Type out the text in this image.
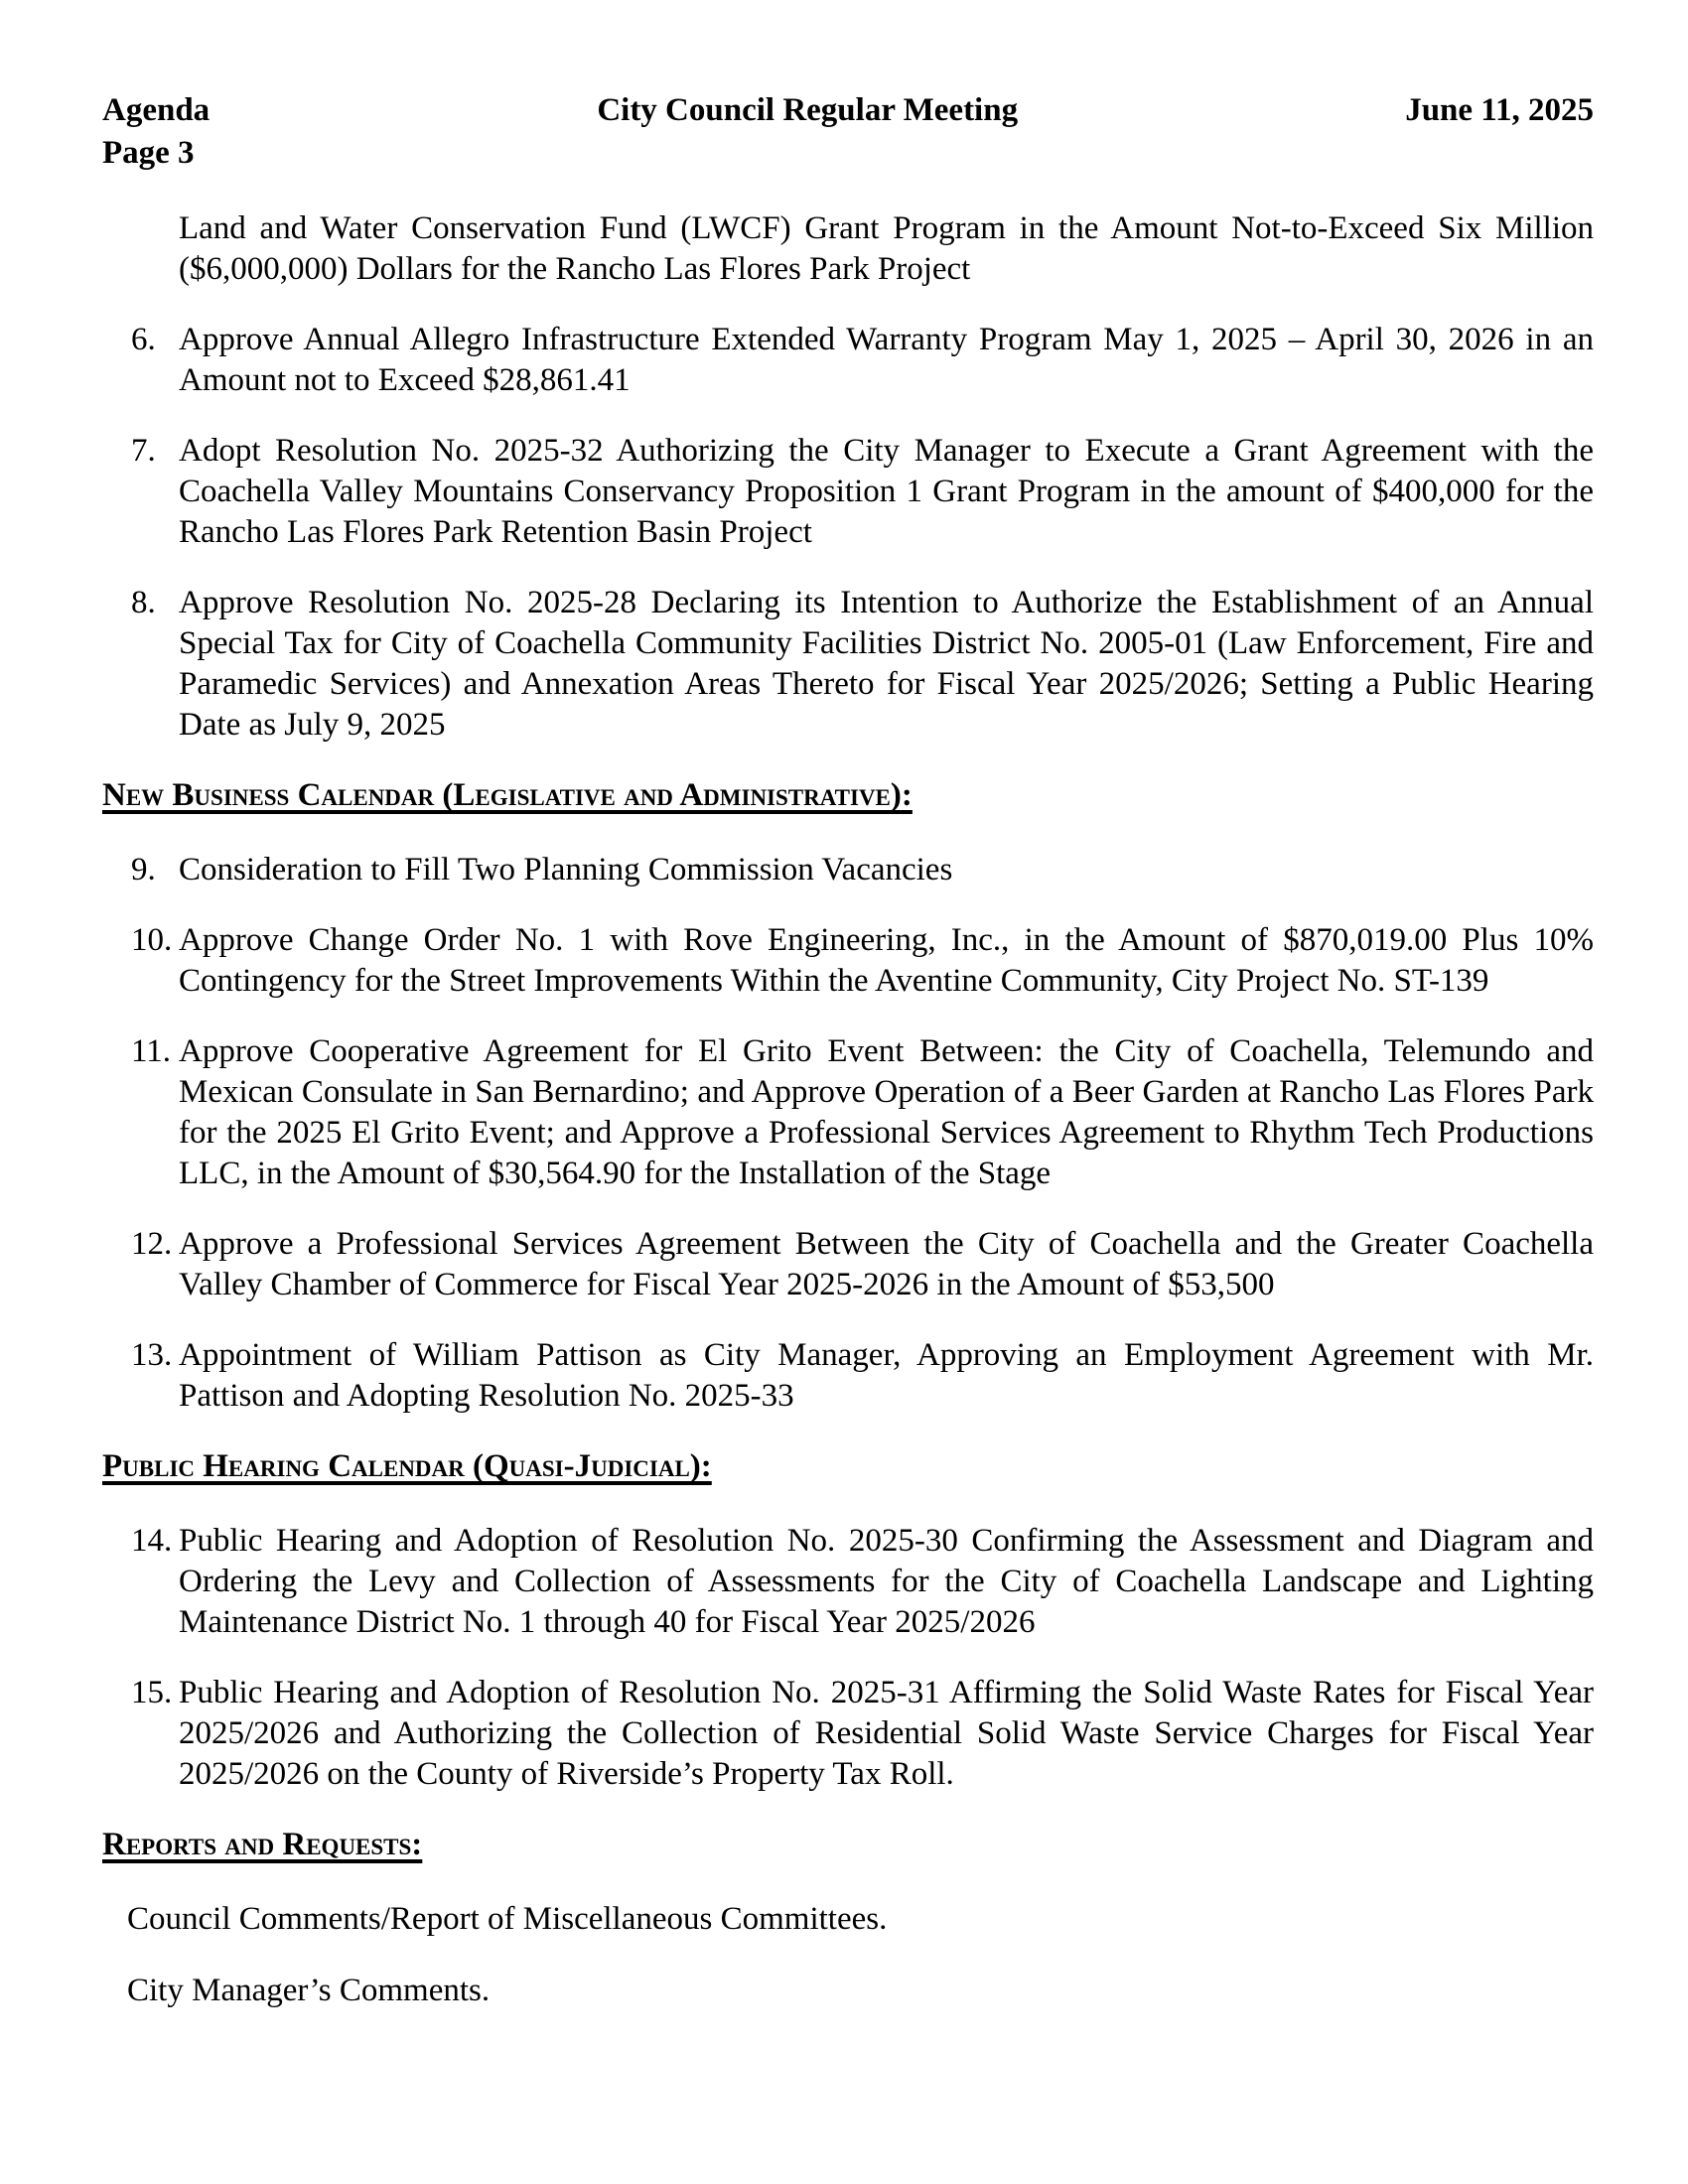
Agenda
Page 3
City Council Regular Meeting	June 11, 2025
Land and Water Conservation Fund (LWCF) Grant Program in the Amount Not-to-Exceed Six Million
($6,000,000) Dollars for the Rancho Las Flores Park Project
6. Approve Annual Allegro Infrastructure Extended Warranty Program May 1, 2025 – April 30, 2026 in an
Amount not to Exceed $28,861.41
7. Adopt Resolution No. 2025-32 Authorizing the City Manager to Execute a Grant Agreement with the
Coachella Valley Mountains Conservancy Proposition 1 Grant Program in the amount of $400,000 for the
Rancho Las Flores Park Retention Basin Project
8. Approve Resolution No. 2025-28 Declaring its Intention to Authorize the Establishment of an Annual
Special Tax for City of Coachella Community Facilities District No. 2005-01 (Law Enforcement, Fire and
Paramedic Services) and Annexation Areas Thereto for Fiscal Year 2025/2026; Setting a Public Hearing
Date as July 9, 2025
New Business Calendar (Legislative and Administrative):
9. Consideration to Fill Two Planning Commission Vacancies
10. Approve Change Order No. 1 with Rove Engineering, Inc., in the Amount of $870,019.00 Plus 10%
Contingency for the Street Improvements Within the Aventine Community, City Project No. ST-139
11. Approve Cooperative Agreement for El Grito Event Between: the City of Coachella, Telemundo and
Mexican Consulate in San Bernardino; and Approve Operation of a Beer Garden at Rancho Las Flores Park
for the 2025 El Grito Event; and Approve a Professional Services Agreement to Rhythm Tech Productions
LLC, in the Amount of $30,564.90 for the Installation of the Stage
12. Approve a Professional Services Agreement Between the City of Coachella and the Greater Coachella
Valley Chamber of Commerce for Fiscal Year 2025-2026 in the Amount of $53,500
13. Appointment of William Pattison as City Manager, Approving an Employment Agreement with Mr.
Pattison and Adopting Resolution No. 2025-33
Public Hearing Calendar (Quasi-Judicial):
14. Public Hearing and Adoption of Resolution No. 2025-30 Confirming the Assessment and Diagram and
Ordering the Levy and Collection of Assessments for the City of Coachella Landscape and Lighting
Maintenance District No. 1 through 40 for Fiscal Year 2025/2026
15. Public Hearing and Adoption of Resolution No. 2025-31 Affirming the Solid Waste Rates for Fiscal Year
2025/2026 and Authorizing the Collection of Residential Solid Waste Service Charges for Fiscal Year
2025/2026 on the County of Riverside’s Property Tax Roll.
Reports and Requests:
Council Comments/Report of Miscellaneous Committees.
City Manager’s Comments.
